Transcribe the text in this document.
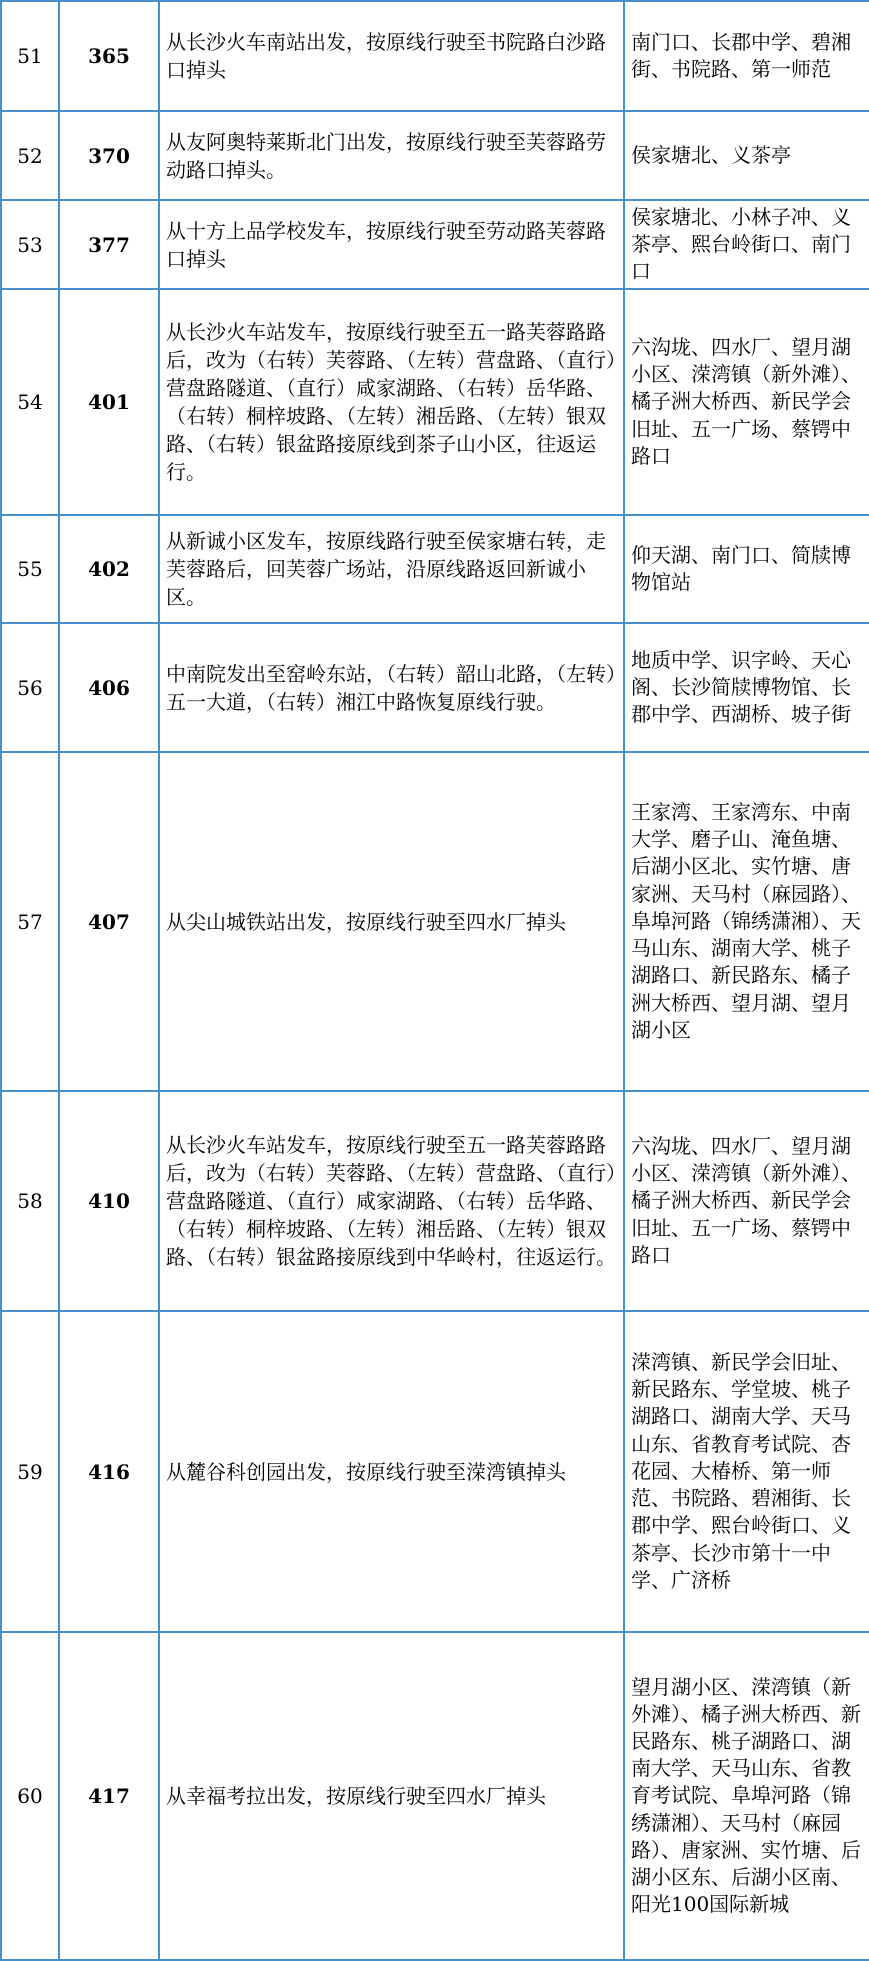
51	365	从长沙火车南站出发，按原线行驶至书院路白沙路口掉头	南门口、长郡中学、碧湘街、书院路、第一师范

52	370	从友阿奥特莱斯北门出发，按原线行驶至芙蓉路劳动路口掉头。	侯家塘北、义茶亭

53	377	从十方上品学校发车，按原线行驶至劳动路芙蓉路口掉头	侯家塘北、小林子冲、义茶亭、熙台岭街口、南门口

54	401	从长沙火车站发车，按原线行驶至五一路芙蓉路路后，改为（右转）芙蓉路、（左转）营盘路、（直行）营盘路隧道、（直行）咸家湖路、（右转）岳华路、（右转）桐梓坡路、（左转）湘岳路、（左转）银双路、（右转）银盆路接原线到茶子山小区，往返运行。	六沟垅、四水厂、望月湖小区、溁湾镇（新外滩）、橘子洲大桥西、新民学会旧址、五一广场、蔡锷中路口

55	402	从新诚小区发车，按原线路行驶至侯家塘右转，走芙蓉路后，回芙蓉广场站，沿原线路返回新诚小区。	仰天湖、南门口、简牍博物馆站

56	406	中南院发出至窑岭东站，（右转）韶山北路，（左转）五一大道，（右转）湘江中路恢复原线行驶。	地质中学、识字岭、天心阁、长沙简牍博物馆、长郡中学、西湖桥、坡子街

57	407	从尖山城铁站出发，按原线行驶至四水厂掉头	王家湾、王家湾东、中南大学、磨子山、淹鱼塘、后湖小区北、实竹塘、唐家洲、天马村（麻园路）、阜埠河路（锦绣潇湘）、天马山东、湖南大学、桃子湖路口、新民路东、橘子洲大桥西、望月湖、望月湖小区

58	410	从长沙火车站发车，按原线行驶至五一路芙蓉路路后，改为（右转）芙蓉路、（左转）营盘路、（直行）营盘路隧道、（直行）咸家湖路、（右转）岳华路、（右转）桐梓坡路、（左转）湘岳路、（左转）银双路、（右转）银盆路接原线到中华岭村，往返运行。	六沟垅、四水厂、望月湖小区、溁湾镇（新外滩）、橘子洲大桥西、新民学会旧址、五一广场、蔡锷中路口

59	416	从麓谷科创园出发，按原线行驶至溁湾镇掉头	溁湾镇、新民学会旧址、新民路东、学堂坡、桃子湖路口、湖南大学、天马山东、省教育考试院、杏花园、大椿桥、第一师范、书院路、碧湘街、长郡中学、熙台岭街口、义茶亭、长沙市第十一中学、广济桥

60	417	从幸福考拉出发，按原线行驶至四水厂掉头	望月湖小区、溁湾镇（新外滩）、橘子洲大桥西、新民路东、桃子湖路口、湖南大学、天马山东、省教育考试院、阜埠河路（锦绣潇湘）、天马村（麻园路）、唐家洲、实竹塘、后湖小区东、后湖小区南、阳光100国际新城
